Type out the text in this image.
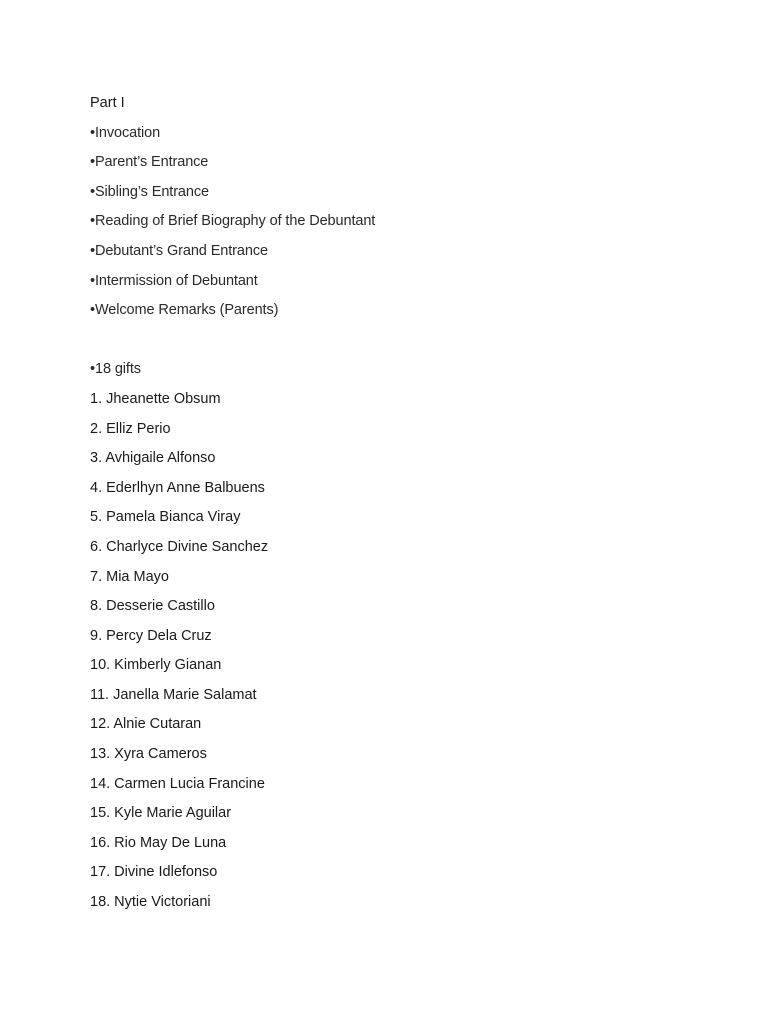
Part I
•Invocation
•Parent’s Entrance
•Sibling’s Entrance
•Reading of Brief Biography of the Debuntant
•Debutant’s Grand Entrance
•Intermission of Debuntant
•Welcome Remarks (Parents)
•18 gifts
1. Jheanette Obsum
2. Elliz Perio
3. Avhigaile Alfonso
4. Ederlhyn Anne Balbuens
5. Pamela Bianca Viray
6. Charlyce Divine Sanchez
7. Mia Mayo
8. Desserie Castillo
9. Percy Dela Cruz
10. Kimberly Gianan
11. Janella Marie Salamat
12. Alnie Cutaran
13. Xyra Cameros
14. Carmen Lucia Francine
15. Kyle Marie Aguilar
16. Rio May De Luna
17. Divine Idlefonso
18. Nytie Victoriani
